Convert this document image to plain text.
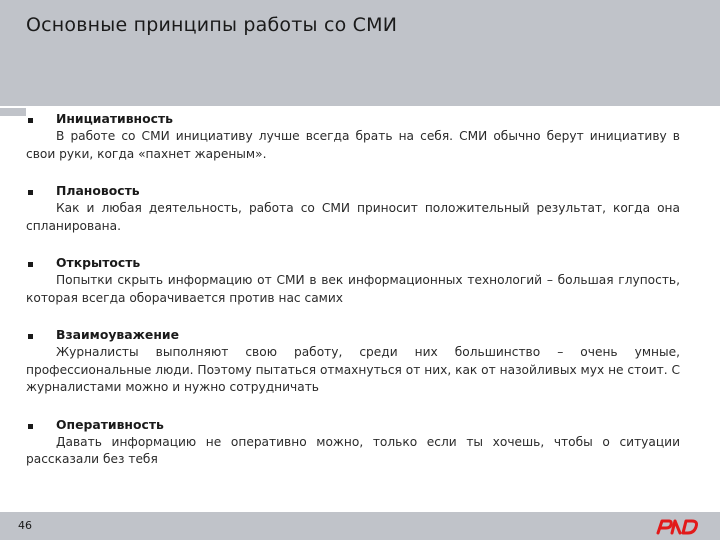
Основные принципы работы со СМИ
Инициативность
В работе со СМИ инициативу лучше всегда брать на себя. СМИ обычно берут инициативу в свои руки, когда «пахнет жареным».
Плановость
Как и любая деятельность, работа со СМИ приносит положительный результат, когда она спланирована.
Открытость
Попытки скрыть информацию от СМИ в век информационных технологий – большая глупость, которая всегда оборачивается против нас самих
Взаимоуважение
Журналисты выполняют свою работу, среди них большинство – очень умные, профессиональные люди. Поэтому пытаться отмахнуться от них, как от назойливых мух не стоит. С журналистами можно и нужно сотрудничать
Оперативность
Давать информацию не оперативно можно, только если ты хочешь, чтобы о ситуации рассказали без тебя
46
